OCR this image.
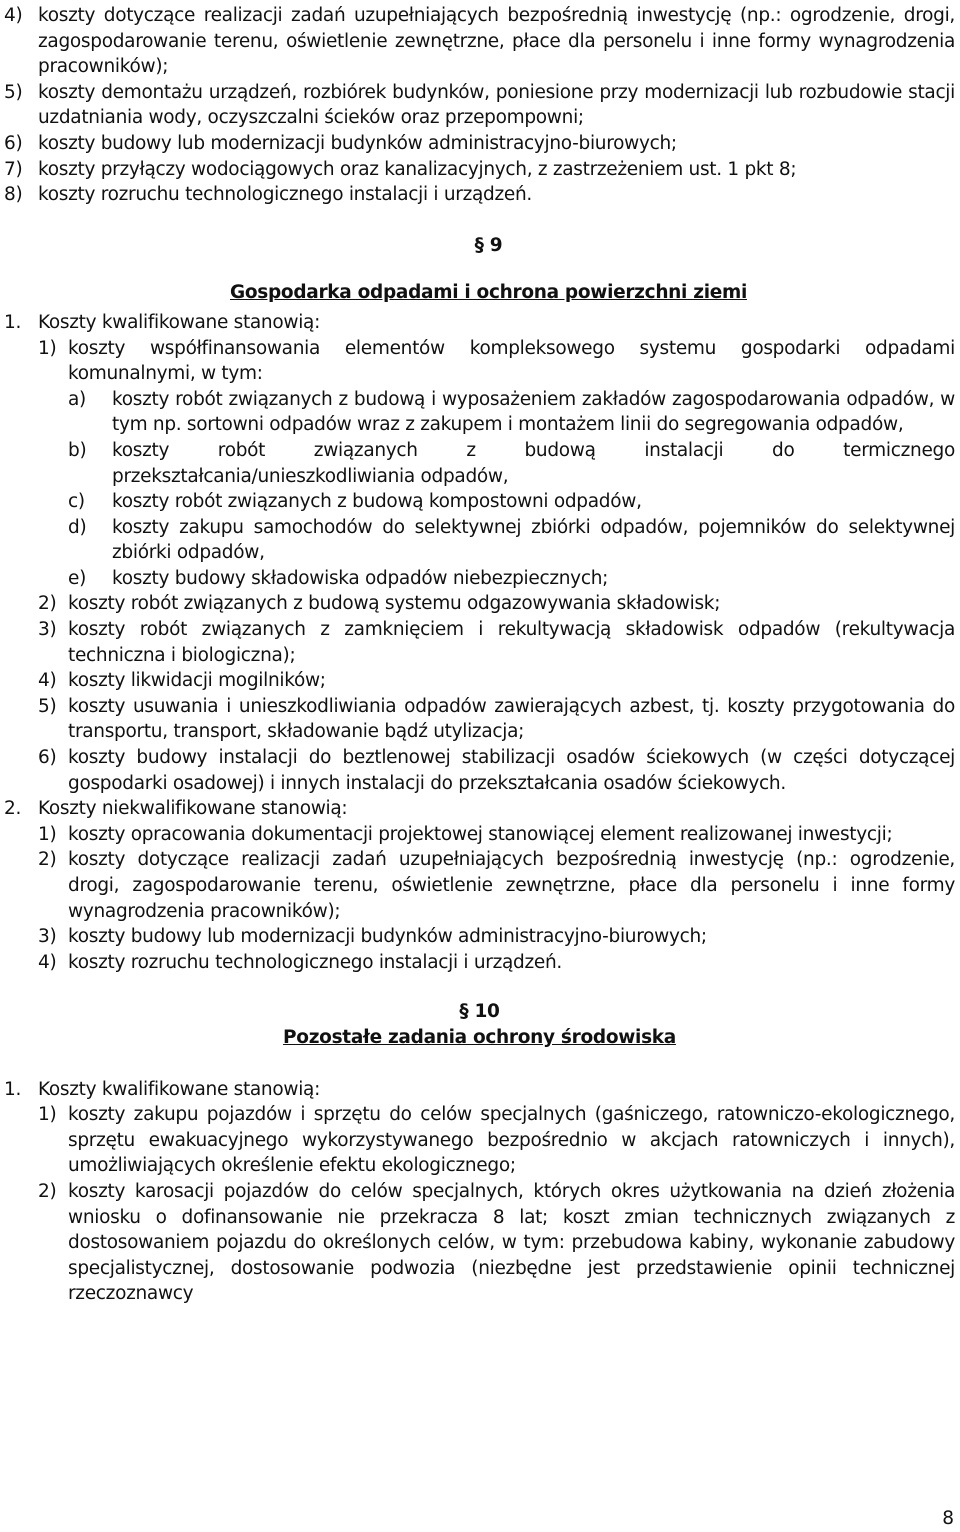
4) koszty dotyczące realizacji zadań uzupełniających bezpośrednią inwestycję (np.: ogrodzenie, drogi, zagospodarowanie terenu, oświetlenie zewnętrzne, płace dla personelu i inne formy wynagrodzenia pracowników);
5) koszty demontażu urządzeń, rozbiórek budynków, poniesione przy modernizacji lub rozbudowie stacji uzdatniania wody, oczyszczalni ścieków oraz przepompowni;
6) koszty budowy lub modernizacji budynków administracyjno-biurowych;
7) koszty przyłączy wodociągowych oraz kanalizacyjnych, z zastrzeżeniem ust. 1 pkt 8;
8) koszty rozruchu technologicznego instalacji i urządzeń.
§ 9
Gospodarka odpadami i ochrona powierzchni ziemi
1. Koszty kwalifikowane stanowią:
1) koszty współfinansowania elementów kompleksowego systemu gospodarki odpadami komunalnymi, w tym:
a)	koszty robót związanych z budową i wyposażeniem zakładów zagospodarowania odpadów, w tym np. sortowni odpadów wraz z zakupem i montażem linii do segregowania odpadów,
b)	koszty robót związanych z budową instalacji do termicznego przekształcania/unieszkodliwiania odpadów,
c)	koszty robót związanych z budową kompostowni odpadów,
d)	koszty zakupu samochodów do selektywnej zbiórki odpadów, pojemników do selektywnej zbiórki odpadów,
e)	koszty budowy składowiska odpadów niebezpiecznych;
2) koszty robót związanych z budową systemu odgazowywania składowisk;
3) koszty robót związanych z zamknięciem i rekultywacją składowisk odpadów (rekultywacja techniczna i biologiczna);
4) koszty likwidacji mogilników;
5) koszty usuwania i unieszkodliwiania odpadów zawierających azbest, tj. koszty przygotowania do transportu, transport, składowanie bądź utylizacja;
6) koszty budowy instalacji do beztlenowej stabilizacji osadów ściekowych (w części dotyczącej gospodarki osadowej) i innych instalacji do przekształcania osadów ściekowych.
2. Koszty niekwalifikowane stanowią:
1) koszty opracowania dokumentacji projektowej stanowiącej element realizowanej inwestycji;
2) koszty dotyczące realizacji zadań uzupełniających bezpośrednią inwestycję (np.: ogrodzenie, drogi, zagospodarowanie terenu, oświetlenie zewnętrzne, płace dla personelu i inne formy wynagrodzenia pracowników);
3) koszty budowy lub modernizacji budynków administracyjno-biurowych;
4) koszty rozruchu technologicznego instalacji i urządzeń.
§ 10
Pozostałe zadania ochrony środowiska
1. Koszty kwalifikowane stanowią:
1) koszty zakupu pojazdów i sprzętu do celów specjalnych (gaśniczego, ratowniczo-ekologicznego, sprzętu ewakuacyjnego wykorzystywanego bezpośrednio w akcjach ratowniczych i innych), umożliwiających określenie efektu ekologicznego;
2) koszty karosacji pojazdów do celów specjalnych, których okres użytkowania na dzień złożenia wniosku o dofinansowanie nie przekracza 8 lat; koszt zmian technicznych związanych z dostosowaniem pojazdu do określonych celów, w tym: przebudowa kabiny, wykonanie zabudowy specjalistycznej, dostosowanie podwozia (niezbędne jest przedstawienie opinii technicznej rzeczoznawcy
8
